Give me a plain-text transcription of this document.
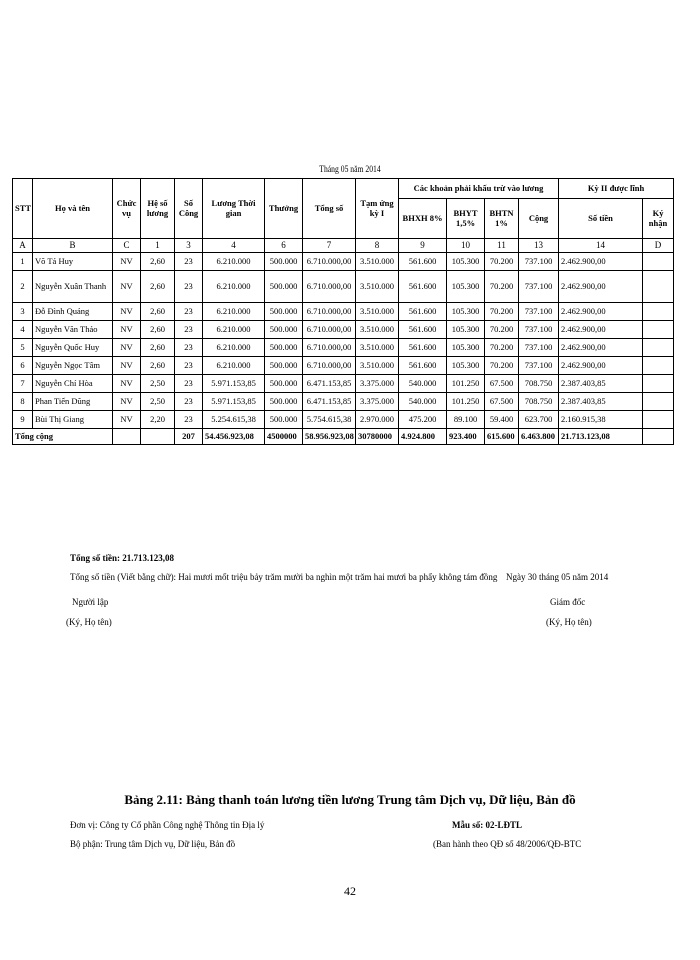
Tháng 05 năm 2014
STT	Họ và tên	Chức vụ	Hệ số lương	Số Công	Lương Thời gian	Thưởng	Tổng số	Tạm ứng kỳ I	Các khoản phải khấu trừ vào lương				Kỳ II được lĩnh	
									BHXH 8%	BHYT 1,5%	BHTN 1%	Cộng	Số tiền	Ký nhận
A	B	C	1	3	4	6	7	8	9	10	11	13	14	D
1	Võ Tá Huy	NV	2,60	23	6.210.000	500.000	6.710.000,00	3.510.000	561.600	105.300	70.200	737.100	2.462.900,00	
2	Nguyễn Xuân Thanh	NV	2,60	23	6.210.000	500.000	6.710.000,00	3.510.000	561.600	105.300	70.200	737.100	2.462.900,00	
3	Đỗ Đình Quảng	NV	2,60	23	6.210.000	500.000	6.710.000,00	3.510.000	561.600	105.300	70.200	737.100	2.462.900,00	
4	Nguyễn Văn Thảo	NV	2,60	23	6.210.000	500.000	6.710.000,00	3.510.000	561.600	105.300	70.200	737.100	2.462.900,00	
5	Nguyễn Quốc Huy	NV	2,60	23	6.210.000	500.000	6.710.000,00	3.510.000	561.600	105.300	70.200	737.100	2.462.900,00	
6	Nguyễn Ngọc Tâm	NV	2,60	23	6.210.000	500.000	6.710.000,00	3.510.000	561.600	105.300	70.200	737.100	2.462.900,00	
7	Nguyễn Chí Hòa	NV	2,50	23	5.971.153,85	500.000	6.471.153,85	3.375.000	540.000	101.250	67.500	708.750	2.387.403,85	
8	Phan Tiến Dũng	NV	2,50	23	5.971.153,85	500.000	6.471.153,85	3.375.000	540.000	101.250	67.500	708.750	2.387.403,85	
9	Bùi Thị Giang	NV	2,20	23	5.254.615,38	500.000	5.754.615,38	2.970.000	475.200	89.100	59.400	623.700	2.160.915,38	
Tổng cộng				207	54.456.923,08	4500000	58.956.923,08	30780000	4.924.800	923.400	615.600	6.463.800	21.713.123,08	
Tổng số tiền: 21.713.123,08
Tổng số tiền (Viết bằng chữ): Hai mươi mốt triệu bảy trăm mười ba nghìn một trăm hai mươi ba phẩy không tám đồng Ngày 30 tháng 05 năm 2014
Người lập	Giám đốc
(Ký, Họ tên)	(Ký, Họ tên)
Bảng 2.11: Bảng thanh toán lương tiền lương Trung tâm Dịch vụ, Dữ liệu, Bản đồ
Đơn vị: Công ty Cổ phần Công nghệ Thông tin Địa lý	Mẫu số: 02-LĐTL
Bộ phận: Trung tâm Dịch vụ, Dữ liệu, Bản đồ	(Ban hành theo QĐ số 48/2006/QĐ-BTC
42
